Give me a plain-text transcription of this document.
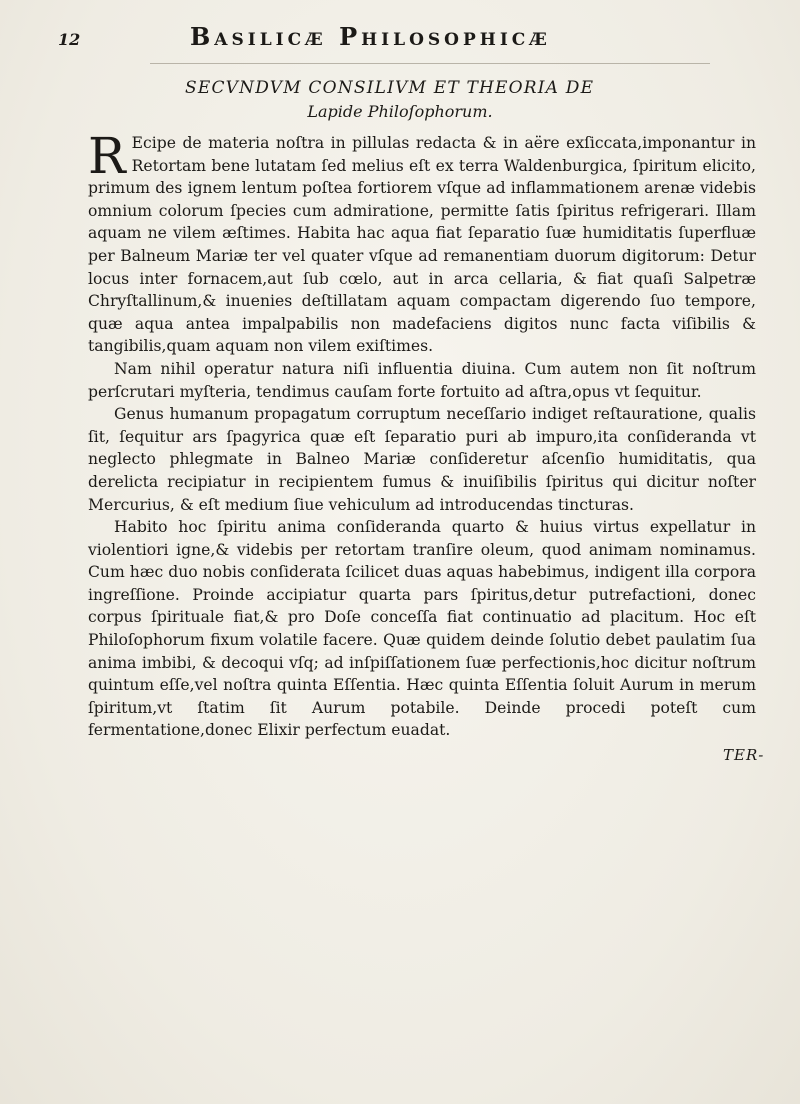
12	Basilicæ Philosophicæ
SECVNDVM CONSILIVM ET THEORIA DE
Lapide Philoſophorum.

R Ecipe de materia noſtra in pillulas redacta & in aëre exſiccata,imponantur in Retortam bene lutatam ſed melius eſt ex terra Waldenburgica, ſpiritum elicito, primum des ignem lentum poſtea fortiorem vſque ad inflammationem arenæ videbis omnium colorum ſpecies cum admiratione, permitte ſatis ſpiritus refrigerari. Illam aquam ne vilem æſtimes. Habita hac aqua fiat ſeparatio ſuæ humiditatis ſuperfluæ per Balneum Mariæ ter vel quater vſque ad remanentiam duorum digitorum: Detur locus inter fornacem,aut ſub cœlo, aut in arca cellaria, & fiat quaſi Salpetræ Chryſtallinum,& inuenies deſtillatam aquam compactam digerendo ſuo tempore, quæ aqua antea impalpabilis non madefaciens digitos nunc facta viſibilis & tangibilis,quam aquam non vilem exiſtimes.

Nam nihil operatur natura niſi influentia diuina. Cum autem non ſit noſtrum perſcrutari myſteria, tendimus cauſam forte fortuito ad aſtra,opus vt ſequitur.

Genus humanum propagatum corruptum neceſſario indiget reſtauratione, qualis ſit, ſequitur ars ſpagyrica quæ eſt ſeparatio puri ab impuro,ita conſideranda vt neglecto phlegmate in Balneo Mariæ conſideretur aſcenſio humiditatis, qua derelicta recipiatur in recipientem fumus & inuiſibilis ſpiritus qui dicitur noſter Mercurius, & eſt medium ſiue vehiculum ad introducendas tincturas.

Habito hoc ſpiritu anima conſideranda quarto & huius virtus expellatur in violentiori igne,& videbis per retortam tranſire oleum, quod animam nominamus. Cum hæc duo nobis conſiderata ſcilicet duas aquas habebimus, indigent illa corpora ingreſſione. Proinde accipiatur quarta pars ſpiritus,detur putrefactioni, donec corpus ſpirituale fiat,& pro Doſe conceſſa fiat continuatio ad placitum. Hoc eſt Philoſophorum fixum volatile facere. Quæ quidem deinde ſolutio debet paulatim ſua anima imbibi, & decoqui vſq; ad inſpiſſationem ſuæ perfectionis,hoc dicitur noſtrum quintum eſſe,vel noſtra quinta Eſſentia. Hæc quinta Eſſentia ſoluit Aurum in merum ſpiritum,vt ſtatim ſit Aurum potabile. Deinde procedi poteſt cum fermentatione,donec Elixir perfectum euadat.

TER-
